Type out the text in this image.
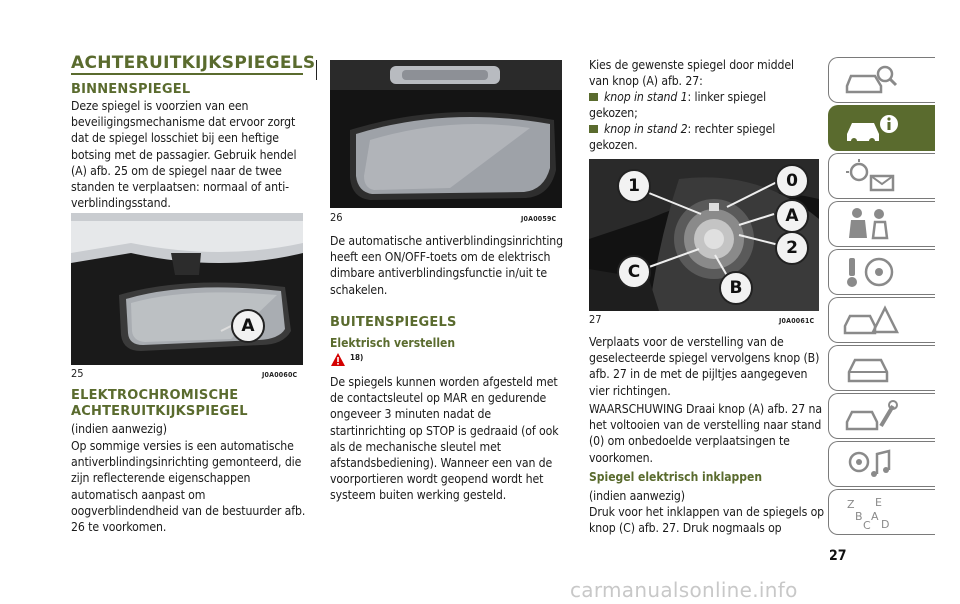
ACHTERUITKIJKSPIEGELS
BINNENSPIEGEL
Deze spiegel is voorzien van een beveiligingsmechanisme dat ervoor zorgt dat de spiegel losschiet bij een heftige botsing met de passagier. Gebruik hendel (A) afb. 25 om de spiegel naar de twee standen te verplaatsen: normaal of anti-verblindingsstand.
A
25	J0A0060C
ELEKTROCHROMISCHE
ACHTERUITKIJKSPIEGEL
(indien aanwezig)
Op sommige versies is een automatische antiverblindingsinrichting gemonteerd, die zijn reflecterende eigenschappen automatisch aanpast om oogverblindendheid van de bestuurder afb. 26 te voorkomen.
26	J0A0059C
De automatische antiverblindingsinrichting heeft een ON/OFF-toets om de elektrisch dimbare antiverblindingsfunctie in/uit te schakelen.
BUITENSPIEGELS
Elektrisch verstellen
18)
De spiegels kunnen worden afgesteld met de contactsleutel op MAR en gedurende ongeveer 3 minuten nadat de startinrichting op STOP is gedraaid (of ook als de mechanische sleutel met afstandsbediening). Wanneer een van de voorportieren wordt geopend wordt het systeem buiten werking gesteld.
Kies de gewenste spiegel door middel van knop (A) afb. 27:
knop in stand 1: linker spiegel gekozen;
knop in stand 2: rechter spiegel gekozen.
1	0
A
2
C
B
27	J0A0061C
Verplaats voor de verstelling van de geselecteerde spiegel vervolgens knop (B) afb. 27 in de met de pijltjes aangegeven vier richtingen.
WAARSCHUWING Draai knop (A) afb. 27 na het voltooien van de verstelling naar stand (0) om onbedoelde verplaatsingen te voorkomen.
Spiegel elektrisch inklappen
(indien aanwezig)
Druk voor het inklappen van de spiegels op knop (C) afb. 27. Druk nogmaals op
Z E
B A
D
C
27
carmanualsonline.info
